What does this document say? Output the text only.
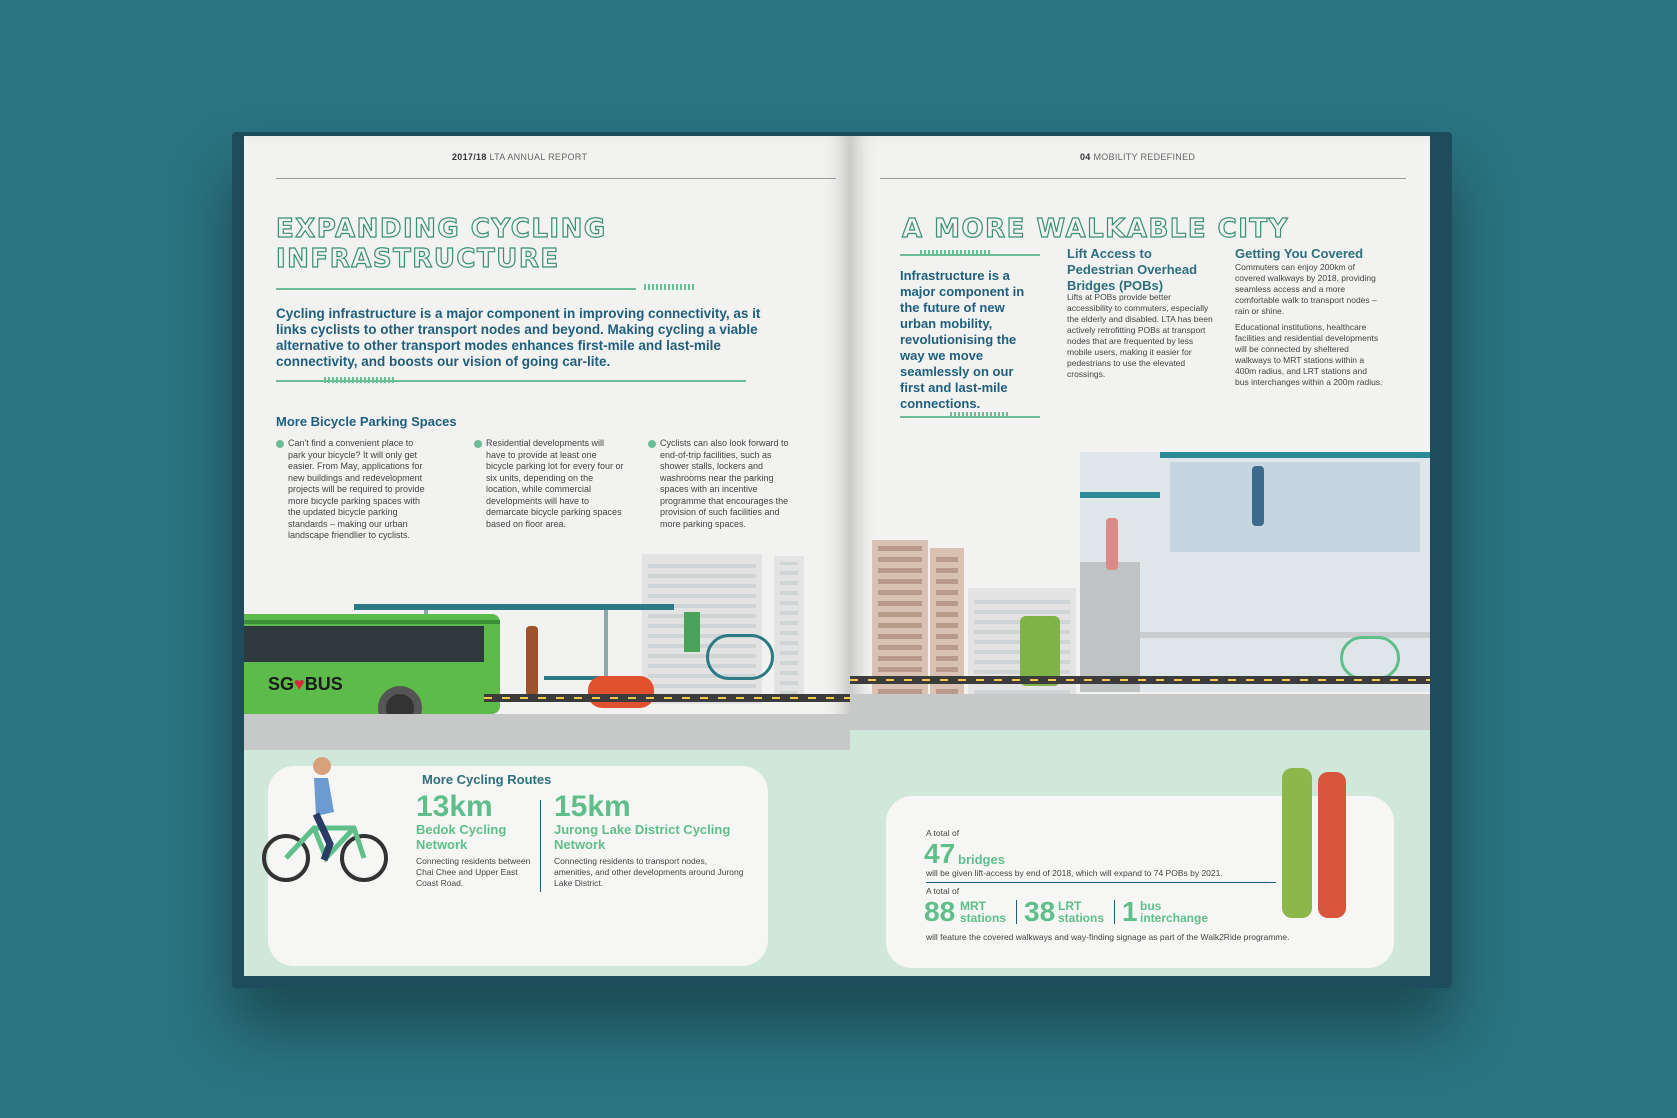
2017/18 LTA ANNUAL REPORT
EXPANDING CYCLING
INFRASTRUCTURE
Cycling infrastructure is a major component in improving connectivity, as it links cyclists to other transport nodes and beyond. Making cycling a viable alternative to other transport modes enhances first-mile and last-mile connectivity, and boosts our vision of going car-lite.
More Bicycle Parking Spaces
Can't find a convenient place to park your bicycle? It will only get easier. From May, applications for new buildings and redevelopment projects will be required to provide more bicycle parking spaces with the updated bicycle parking standards – making our urban landscape friendlier to cyclists.
Residential developments will have to provide at least one bicycle parking lot for every four or six units, depending on the location, while commercial developments will have to demarcate bicycle parking spaces based on floor area.
Cyclists can also look forward to end-of-trip facilities, such as shower stalls, lockers and washrooms near the parking spaces with an incentive programme that encourages the provision of such facilities and more parking spaces.
SG♥BUS
More Cycling Routes
13km
Bedok Cycling Network
Connecting residents between Chai Chee and Upper East Coast Road.
15km
Jurong Lake District Cycling Network
Connecting residents to transport nodes, amenities, and other developments around Jurong Lake District.
04 MOBILITY REDEFINED
A MORE WALKABLE CITY
Infrastructure is a major component in the future of new urban mobility, revolutionising the way we move seamlessly on our first and last-mile connections.
Lift Access to Pedestrian Overhead Bridges (POBs)
Lifts at POBs provide better accessibility to commuters, especially the elderly and disabled. LTA has been actively retrofitting POBs at transport nodes that are frequented by less mobile users, making it easier for pedestrians to use the elevated crossings.
Getting You Covered
Commuters can enjoy 200km of covered walkways by 2018, providing seamless access and a more comfortable walk to transport nodes – rain or shine.
Educational institutions, healthcare facilities and residential developments will be connected by sheltered walkways to MRT stations within a 400m radius, and LRT stations and bus interchanges within a 200m radius.
A total of
47 bridges
will be given lift-access by end of 2018, which will expand to 74 POBs by 2021.
A total of
88 MRT
stations 38 LRT
stations 1 bus
interchange
will feature the covered walkways and way-finding signage as part of the Walk2Ride programme.
